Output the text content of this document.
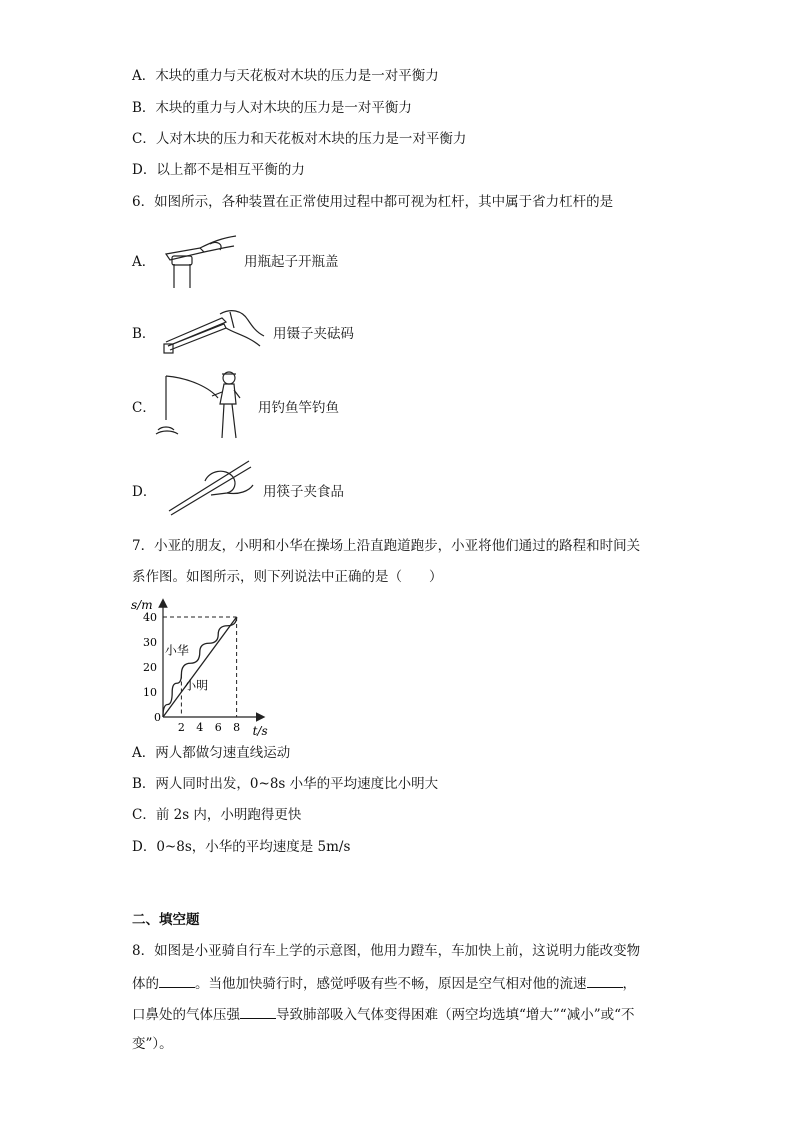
A．木块的重力与天花板对木块的压力是一对平衡力
B．木块的重力与人对木块的压力是一对平衡力
C．人对木块的压力和天花板对木块的压力是一对平衡力
D．以上都不是相互平衡的力
6．如图所示，各种装置在正常使用过程中都可视为杠杆，其中属于省力杠杆的是
A．	用瓶起子开瓶盖
B．	用镊子夹砝码
C．	用钓鱼竿钓鱼
D．	用筷子夹食品
7．小亚的朋友，小明和小华在操场上沿直跑道跑步，小亚将他们通过的路程和时间关
系作图。如图所示，则下列说法中正确的是（　　）
s/m
t/s
0
10
20
30
40
2 4 6 8
小华
小明
A．两人都做匀速直线运动
B．两人同时出发，0~8s 小华的平均速度比小明大
C．前 2s 内，小明跑得更快
D．0~8s，小华的平均速度是 5m/s
二、填空题
8．如图是小亚骑自行车上学的示意图，他用力蹬车，车加快上前，这说明力能改变物
体的	。当他加快骑行时，感觉呼吸有些不畅，原因是空气相对他的流速	，
口鼻处的气体压强	导致肺部吸入气体变得困难（两空均选填“增大”“减小”或“不
变”）。
